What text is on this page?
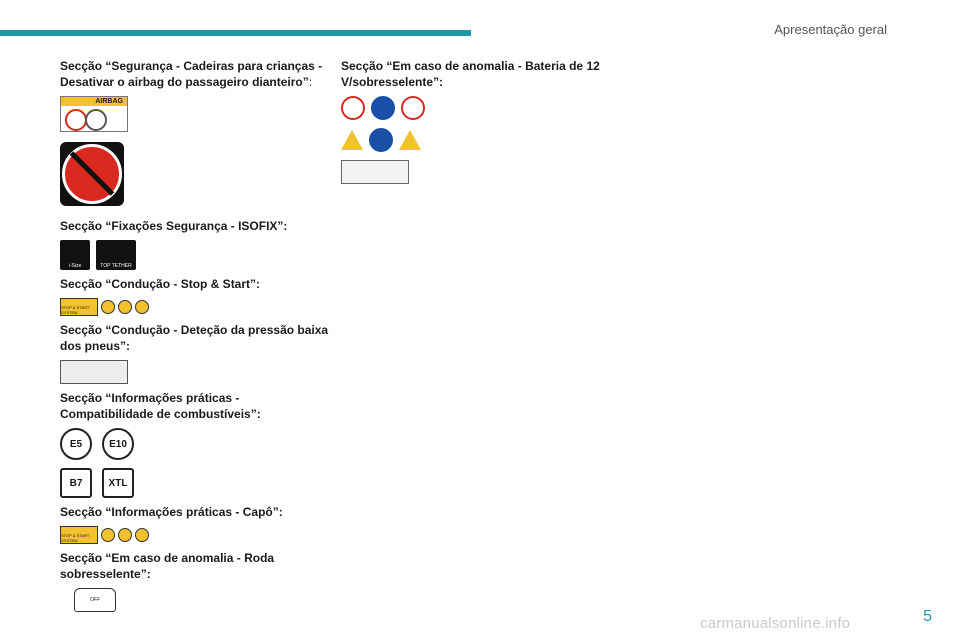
Apresentação geral
Secção “Segurança - Cadeiras para crianças - Desativar o airbag do passageiro dianteiro”:
AIRBAG
Secção “Fixações Segurança - ISOFIX”:
i-Size	TOP TETHER
Secção “Condução - Stop & Start”:
STOP & START SYSTEM
Secção “Condução - Deteção da pressão baixa dos pneus”:
Secção “Informações práticas - Compatibilidade de combustíveis”:
E5	E10
B7	XTL
Secção “Informações práticas - Capô”:
STOP & START SYSTEM
Secção “Em caso de anomalia - Roda sobresselente”:
OFF
Secção “Em caso de anomalia - Bateria de 12 V/sobresselente”:
5
carmanualsonline.info
